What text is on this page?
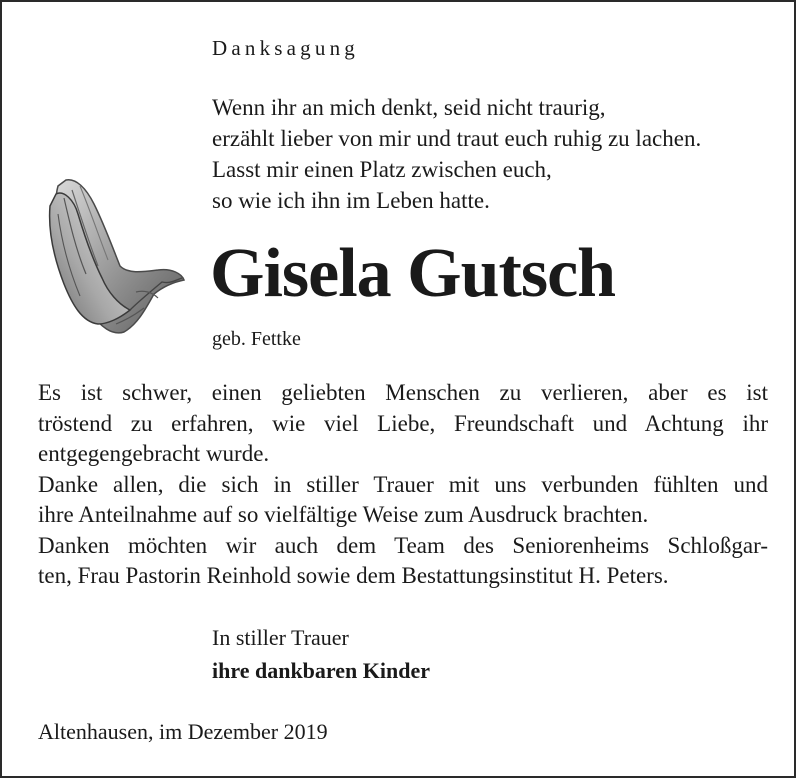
Danksagung
Wenn ihr an mich denkt, seid nicht traurig,
erzählt lieber von mir und traut euch ruhig zu lachen.
Lasst mir einen Platz zwischen euch,
so wie ich ihn im Leben hatte.
Gisela Gutsch
geb. Fettke
Es ist schwer, einen geliebten Menschen zu verlieren, aber es ist
tröstend zu erfahren, wie viel Liebe, Freundschaft und Achtung ihr
entgegengebracht wurde.
Danke allen, die sich in stiller Trauer mit uns verbunden fühlten und
ihre Anteilnahme auf so vielfältige Weise zum Ausdruck brachten.
Danken möchten wir auch dem Team des Seniorenheims Schloßgar-
ten, Frau Pastorin Reinhold sowie dem Bestattungsinstitut H. Peters.
In stiller Trauer
ihre dankbaren Kinder
Altenhausen, im Dezember 2019
